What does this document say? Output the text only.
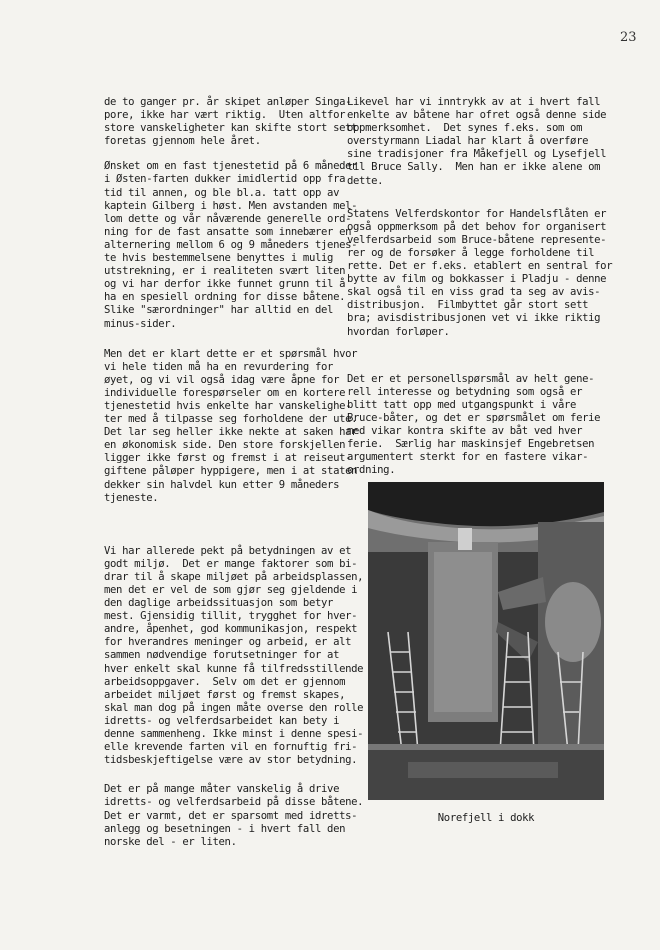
23
de to ganger pr. år skipet anløper Singa-
pore, ikke har vært riktig.  Uten altfor
store vanskeligheter kan skifte stort sett
foretas gjennom hele året.
Ønsket om en fast tjenestetid på 6 måneder
i Østen-farten dukker imidlertid opp fra
tid til annen, og ble bl.a. tatt opp av
kaptein Gilberg i høst. Men avstanden mel-
lom dette og vår nåværende generelle ord-
ning for de fast ansatte som innebærer en
alternering mellom 6 og 9 måneders tjenes-
te hvis bestemmelsene benyttes i mulig
utstrekning, er i realiteten svært liten
og vi har derfor ikke funnet grunn til å
ha en spesiell ordning for disse båtene.
Slike "særordninger" har alltid en del
minus-sider.
Men det er klart dette er et spørsmål hvor
vi hele tiden må ha en revurdering for
øyet, og vi vil også idag være åpne for
individuelle forespørseler om en kortere
tjenestetid hvis enkelte har vanskelighe-
ter med å tilpasse seg forholdene der ute.
Det lar seg heller ikke nekte at saken har
en økonomisk side. Den store forskjellen
ligger ikke først og fremst i at reiseut-
giftene påløper hyppigere, men i at staten
dekker sin halvdel kun etter 9 måneders
tjeneste.
Vi har allerede pekt på betydningen av et
godt miljø.  Det er mange faktorer som bi-
drar til å skape miljøet på arbeidsplassen,
men det er vel de som gjør seg gjeldende i
den daglige arbeidssituasjon som betyr
mest. Gjensidig tillit, trygghet for hver-
andre, åpenhet, god kommunikasjon, respekt
for hverandres meninger og arbeid, er alt
sammen nødvendige forutsetninger for at
hver enkelt skal kunne få tilfredsstillende
arbeidsoppgaver.  Selv om det er gjennom
arbeidet miljøet først og fremst skapes,
skal man dog på ingen måte overse den rolle
idretts- og velferdsarbeidet kan bety i
denne sammenheng. Ikke minst i denne spesi-
elle krevende farten vil en fornuftig fri-
tidsbeskjeftigelse være av stor betydning.
Det er på mange måter vanskelig å drive
idretts- og velferdsarbeid på disse båtene.
Det er varmt, det er sparsomt med idretts-
anlegg og besetningen - i hvert fall den
norske del - er liten.
Likevel har vi inntrykk av at i hvert fall
enkelte av båtene har ofret også denne side
oppmerksomhet.  Det synes f.eks. som om
overstyrmann Liadal har klart å overføre
sine tradisjoner fra Måkefjell og Lysefjell
til Bruce Sally.  Men han er ikke alene om
dette.
Statens Velferdskontor for Handelsflåten er
også oppmerksom på det behov for organisert
velferdsarbeid som Bruce-båtene represente-
rer og de forsøker å legge forholdene til
rette. Det er f.eks. etablert en sentral for
bytte av film og bokkasser i Pladju - denne
skal også til en viss grad ta seg av avis-
distribusjon.  Filmbyttet går stort sett
bra; avisdistribusjonen vet vi ikke riktig
hvordan forløper.
Det er et personellspørsmål av helt gene-
rell interesse og betydning som også er
blitt tatt opp med utgangspunkt i våre
Bruce-båter, og det er spørsmålet om ferie
med vikar kontra skifte av båt ved hver
ferie.  Særlig har maskinsjef Engebretsen
argumentert sterkt for en fastere vikar-
ordning.
Norefjell i dokk
